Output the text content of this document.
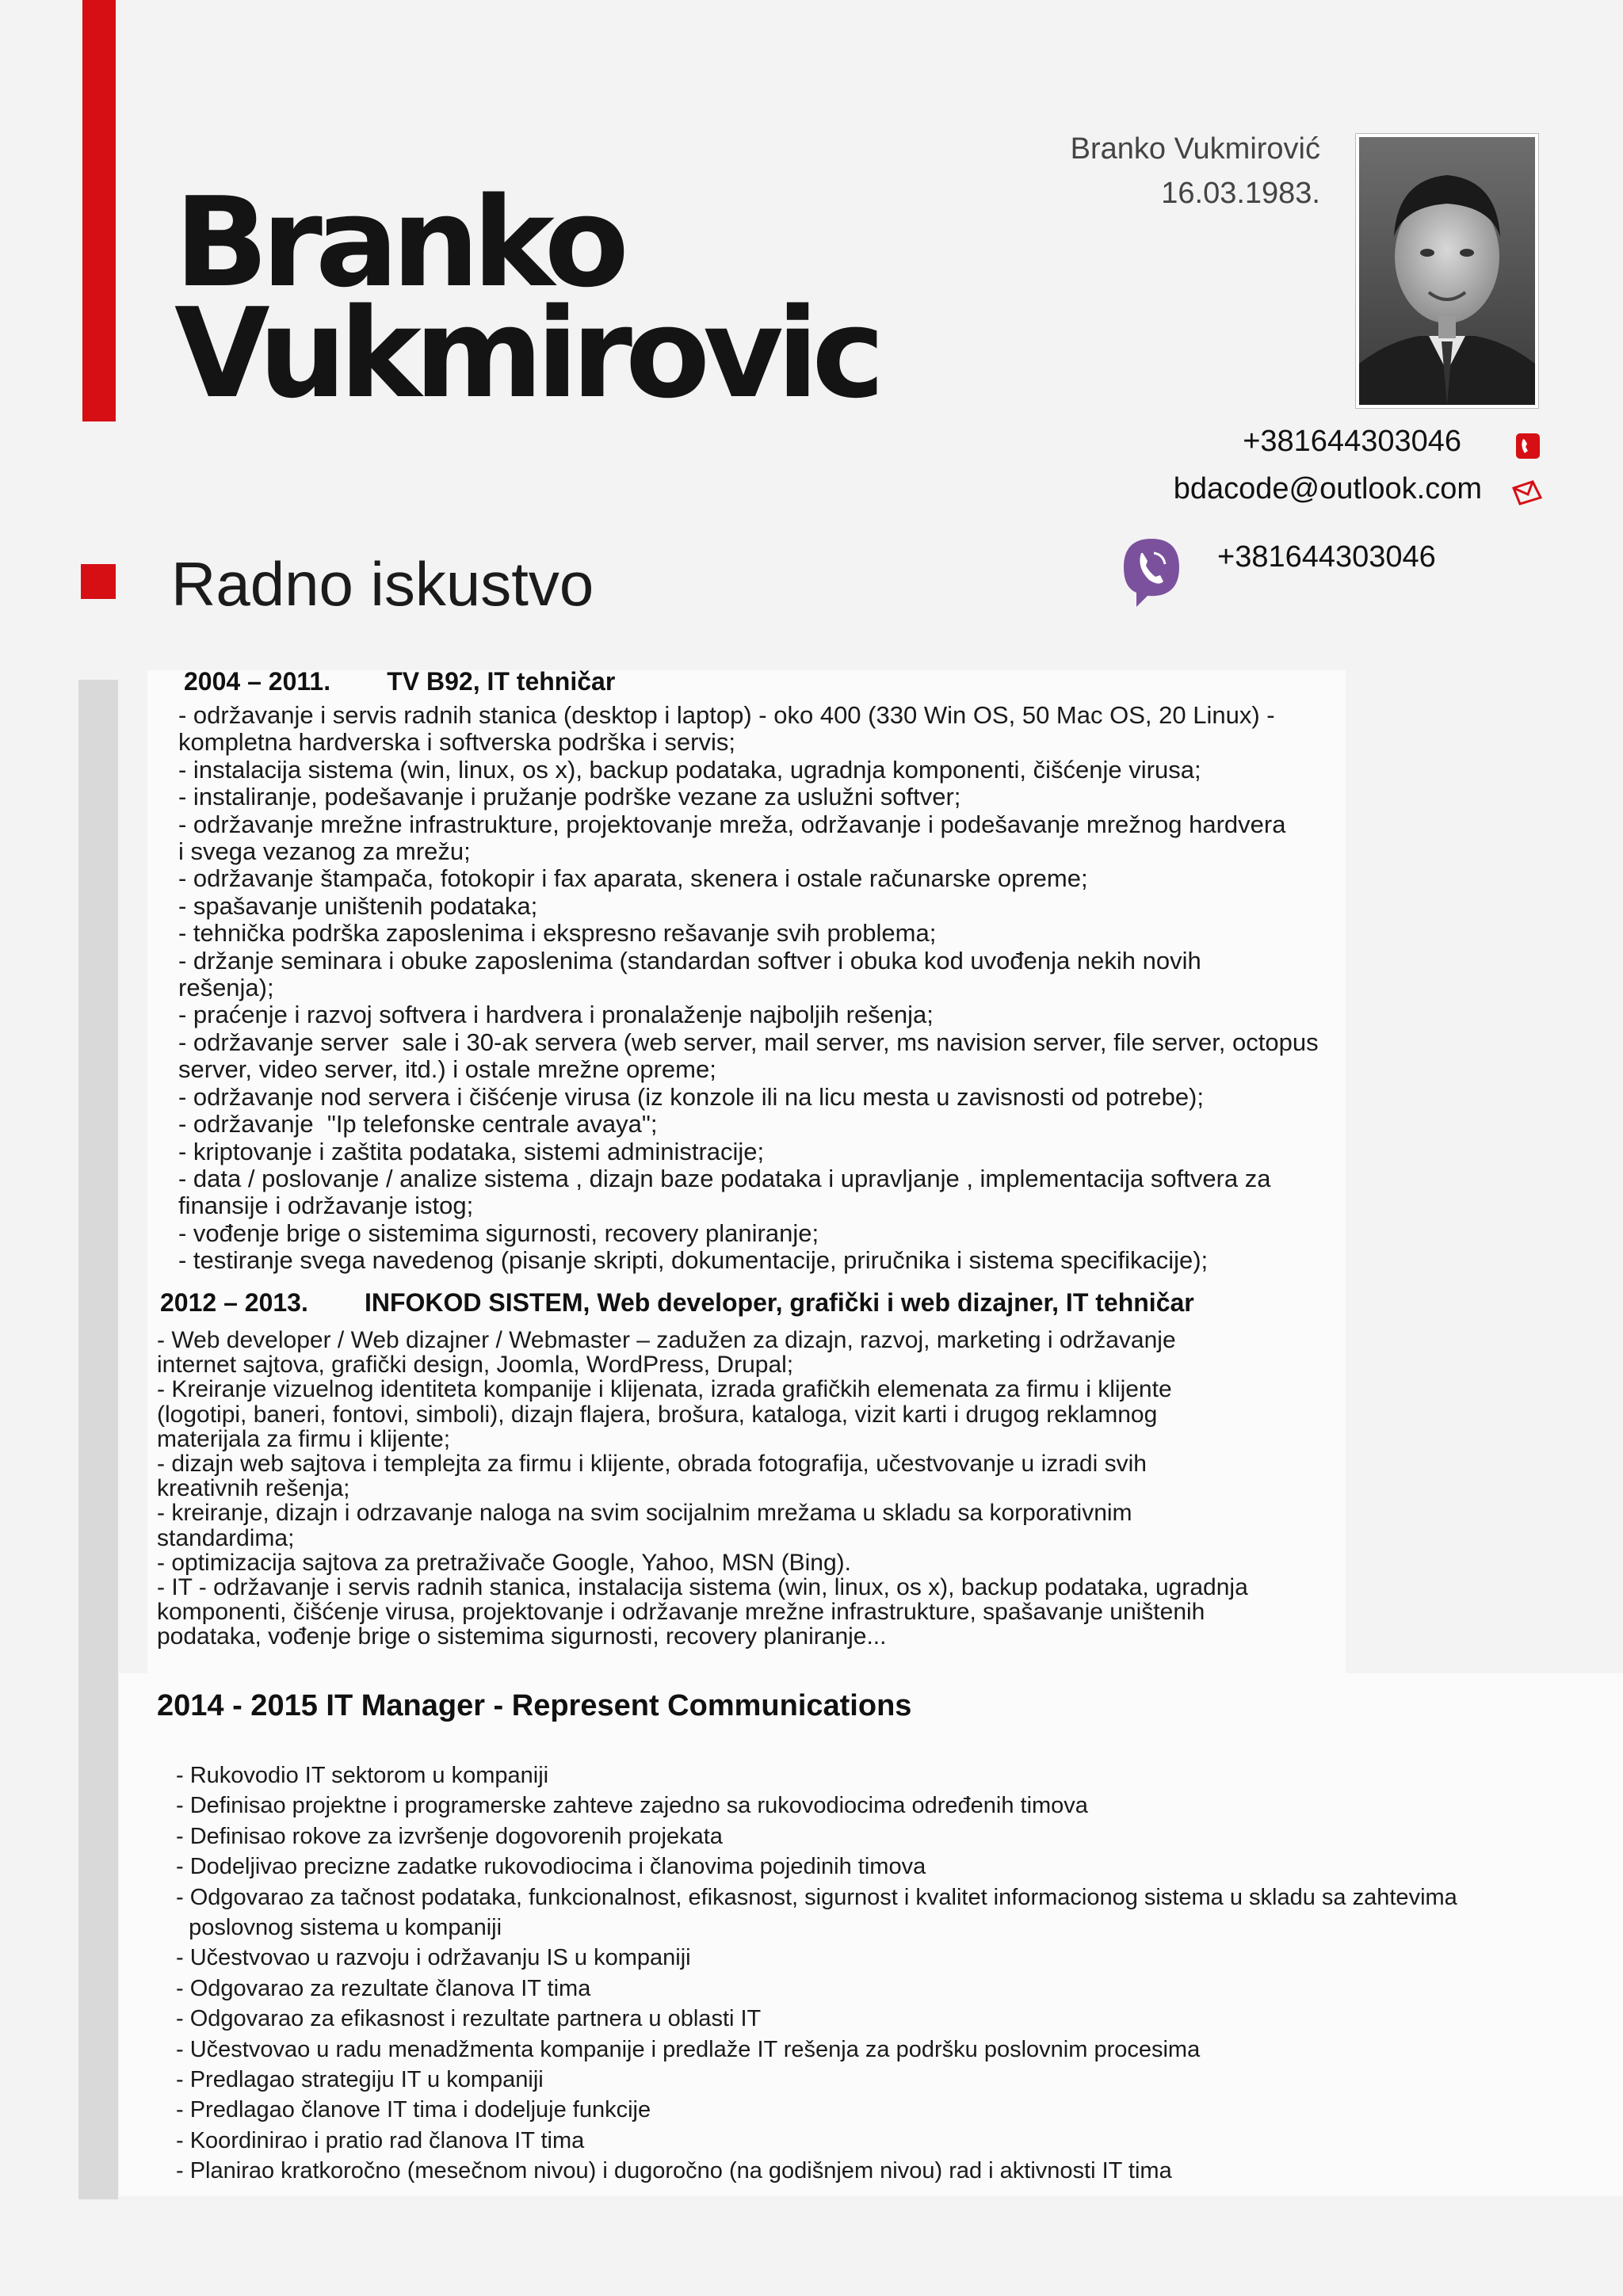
Branko
Vukmirovic
Branko Vukmirović
16.03.1983.
+381644303046
bdacode@outlook.com
+381644303046
Radno iskustvo
2004 – 2011. TV B92, IT tehničar
- održavanje i servis radnih stanica (desktop i laptop) - oko 400 (330 Win OS, 50 Mac OS, 20 Linux) -
kompletna hardverska i softverska podrška i servis;
- instalacija sistema (win, linux, os x), backup podataka, ugradnja komponenti, čišćenje virusa;
- instaliranje, podešavanje i pružanje podrške vezane za uslužni softver;
- održavanje mrežne infrastrukture, projektovanje mreža, održavanje i podešavanje mrežnog hardvera
i svega vezanog za mrežu;
- održavanje štampača, fotokopir i fax aparata, skenera i ostale računarske opreme;
- spašavanje uništenih podataka;
- tehnička podrška zaposlenima i ekspresno rešavanje svih problema;
- držanje seminara i obuke zaposlenima (standardan softver i obuka kod uvođenja nekih novih
rešenja);
- praćenje i razvoj softvera i hardvera i pronalaženje najboljih rešenja;
- održavanje server  sale i 30-ak servera (web server, mail server, ms navision server, file server, octopus
server, video server, itd.) i ostale mrežne opreme;
- održavanje nod servera i čišćenje virusa (iz konzole ili na licu mesta u zavisnosti od potrebe);
- održavanje  "Ip telefonske centrale avaya";
- kriptovanje i zaštita podataka, sistemi administracije;
- data / poslovanje / analize sistema , dizajn baze podataka i upravljanje , implementacija softvera za
finansije i održavanje istog;
- vođenje brige o sistemima sigurnosti, recovery planiranje;
- testiranje svega navedenog (pisanje skripti, dokumentacije, priručnika i sistema specifikacije);
2012 – 2013. INFOKOD SISTEM, Web developer, grafički i web dizajner, IT tehničar
- Web developer / Web dizajner / Webmaster – zadužen za dizajn, razvoj, marketing i održavanje
internet sajtova, grafički design, Joomla, WordPress, Drupal;
- Kreiranje vizuelnog identiteta kompanije i klijenata, izrada grafičkih elemenata za firmu i klijente
(logotipi, baneri, fontovi, simboli), dizajn flajera, brošura, kataloga, vizit karti i drugog reklamnog
materijala za firmu i klijente;
- dizajn web sajtova i templejta za firmu i klijente, obrada fotografija, učestvovanje u izradi svih
kreativnih rešenja;
- kreiranje, dizajn i odrzavanje naloga na svim socijalnim mrežama u skladu sa korporativnim
standardima;
- optimizacija sajtova za pretraživače Google, Yahoo, MSN (Bing).
- IT - održavanje i servis radnih stanica, instalacija sistema (win, linux, os x), backup podataka, ugradnja
komponenti, čišćenje virusa, projektovanje i održavanje mrežne infrastrukture, spašavanje uništenih
podataka, vođenje brige o sistemima sigurnosti, recovery planiranje...
2014 - 2015 IT Manager - Represent Communications
- Rukovodio IT sektorom u kompaniji
- Definisao projektne i programerske zahteve zajedno sa rukovodiocima određenih timova
- Definisao rokove za izvršenje dogovorenih projekata
- Dodeljivao precizne zadatke rukovodiocima i članovima pojedinih timova
- Odgovarao za tačnost podataka, funkcionalnost, efikasnost, sigurnost i kvalitet informacionog sistema u skladu sa zahtevima
poslovnog sistema u kompaniji
- Učestvovao u razvoju i održavanju IS u kompaniji
- Odgovarao za rezultate članova IT tima
- Odgovarao za efikasnost i rezultate partnera u oblasti IT
- Učestvovao u radu menadžmenta kompanije i predlaže IT rešenja za podršku poslovnim procesima
- Predlagao strategiju IT u kompaniji
- Predlagao članove IT tima i dodeljuje funkcije
- Koordinirao i pratio rad članova IT tima
- Planirao kratkoročno (mesečnom nivou) i dugoročno (na godišnjem nivou) rad i aktivnosti IT tima
